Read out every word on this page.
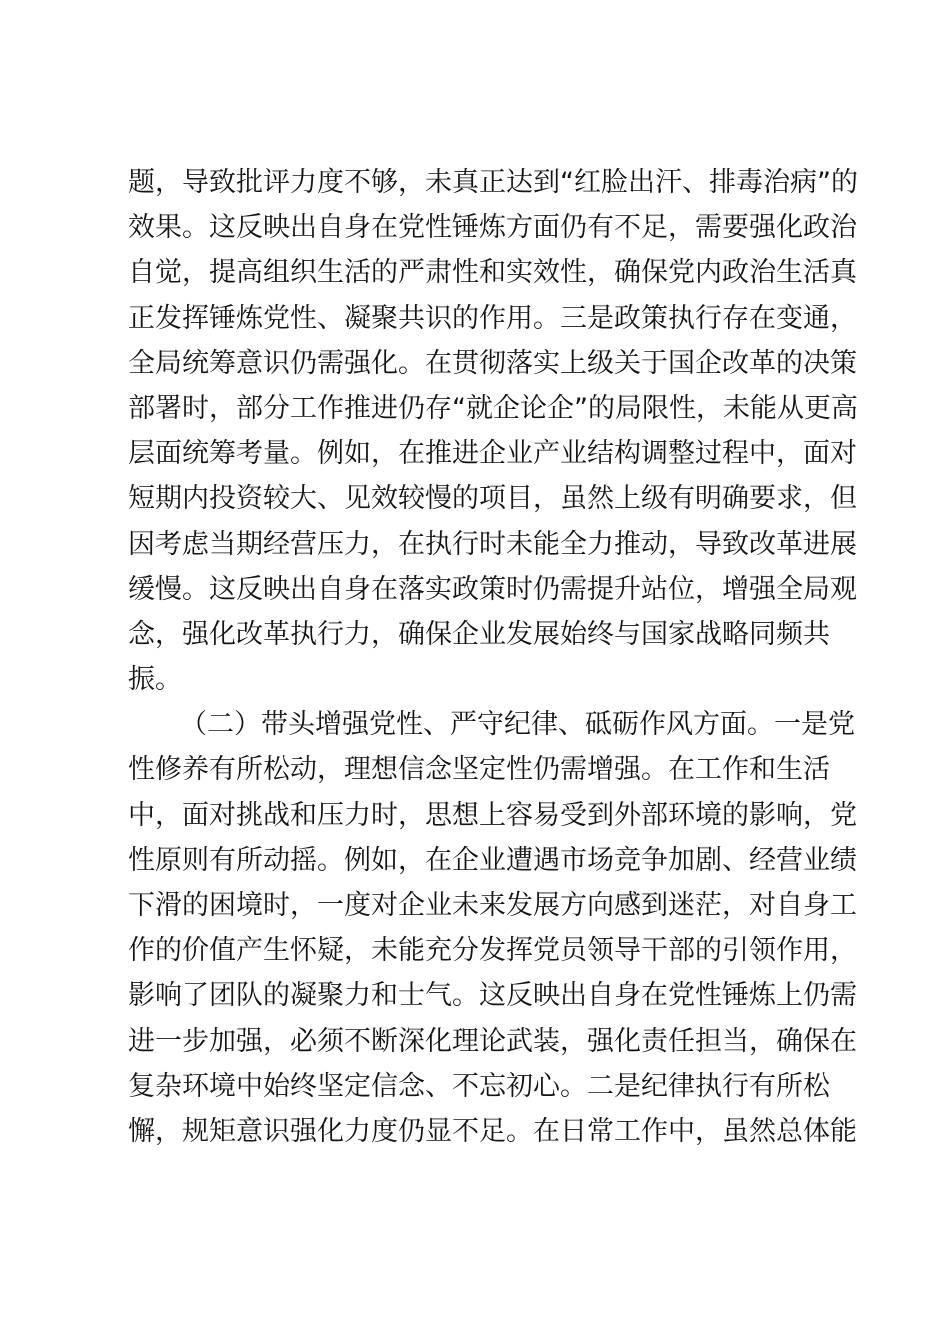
题，导致批评力度不够，未真正达到“红脸出汗、排毒治病”的
效果。这反映出自身在党性锤炼方面仍有不足，需要强化政治
自觉，提高组织生活的严肃性和实效性，确保党内政治生活真
正发挥锤炼党性、凝聚共识的作用。三是政策执行存在变通，
全局统筹意识仍需强化。在贯彻落实上级关于国企改革的决策
部署时，部分工作推进仍存“就企论企”的局限性，未能从更高
层面统筹考量。例如，在推进企业产业结构调整过程中，面对
短期内投资较大、见效较慢的项目，虽然上级有明确要求，但
因考虑当期经营压力，在执行时未能全力推动，导致改革进展
缓慢。这反映出自身在落实政策时仍需提升站位，增强全局观
念，强化改革执行力，确保企业发展始终与国家战略同频共
振。
（二）带头增强党性、严守纪律、砥砺作风方面。一是党
性修养有所松动，理想信念坚定性仍需增强。在工作和生活
中，面对挑战和压力时，思想上容易受到外部环境的影响，党
性原则有所动摇。例如，在企业遭遇市场竞争加剧、经营业绩
下滑的困境时，一度对企业未来发展方向感到迷茫，对自身工
作的价值产生怀疑，未能充分发挥党员领导干部的引领作用，
影响了团队的凝聚力和士气。这反映出自身在党性锤炼上仍需
进一步加强，必须不断深化理论武装，强化责任担当，确保在
复杂环境中始终坚定信念、不忘初心。二是纪律执行有所松
懈，规矩意识强化力度仍显不足。在日常工作中，虽然总体能
